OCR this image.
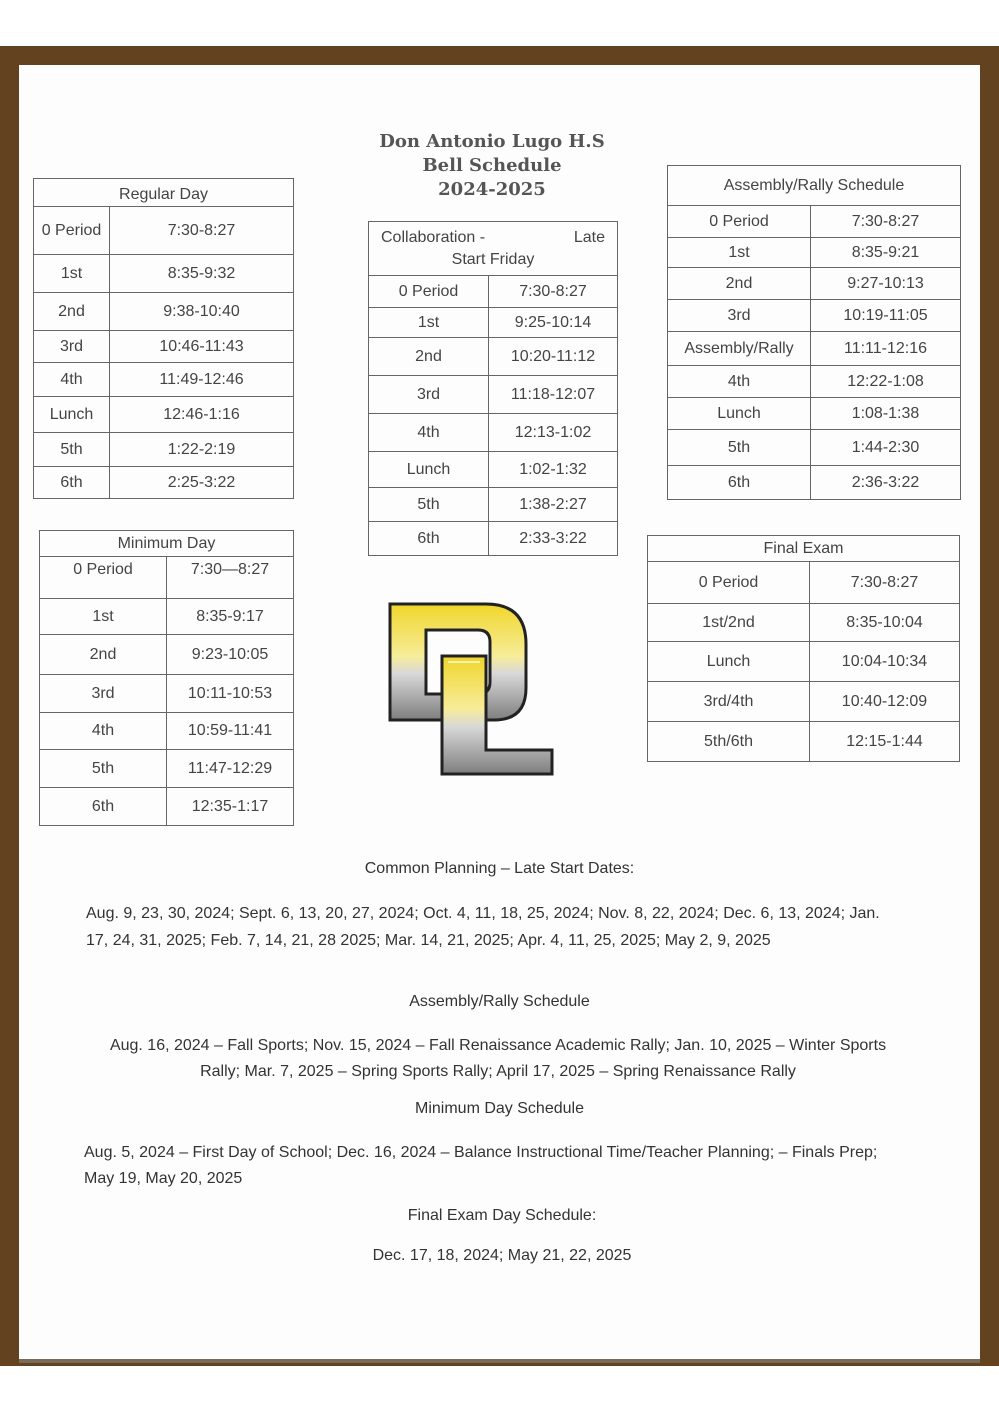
Don Antonio Lugo H.S
Bell Schedule
2024-2025
Regular Day	
0 Period	7:30-8:27
1st	8:35-9:32
2nd	9:38-10:40
3rd	10:46-11:43
4th	11:49-12:46
Lunch	12:46-1:16
5th	1:22-2:19
6th	2:25-3:22
Collaboration - Late
Start Friday	

0 Period	7:30-8:27
1st	9:25-10:14
2nd	10:20-11:12
3rd	11:18-12:07
4th	12:13-1:02
Lunch	1:02-1:32
5th	1:38-2:27
6th	2:33-3:22
Assembly/Rally Schedule	
0 Period	7:30-8:27
1st	8:35-9:21
2nd	9:27-10:13
3rd	10:19-11:05
Assembly/Rally	11:11-12:16
4th	12:22-1:08
Lunch	1:08-1:38
5th	1:44-2:30
6th	2:36-3:22
Minimum Day	
0 Period	7:30—8:27
1st	8:35-9:17
2nd	9:23-10:05
3rd	10:11-10:53
4th	10:59-11:41
5th	11:47-12:29
6th	12:35-1:17
Final Exam	
0 Period	7:30-8:27
1st/2nd	8:35-10:04
Lunch	10:04-10:34
3rd/4th	10:40-12:09
5th/6th	12:15-1:44
Common Planning – Late Start Dates:
Aug. 9, 23, 30, 2024; Sept. 6, 13, 20, 27, 2024; Oct. 4, 11, 18, 25, 2024; Nov. 8, 22, 2024; Dec. 6, 13, 2024; Jan. 17, 24, 31, 2025; Feb. 7, 14, 21, 28 2025; Mar. 14, 21, 2025; Apr. 4, 11, 25, 2025; May 2, 9, 2025
Assembly/Rally Schedule
Aug. 16, 2024 – Fall Sports; Nov. 15, 2024 – Fall Renaissance Academic Rally; Jan. 10, 2025 – Winter Sports Rally; Mar. 7, 2025 – Spring Sports Rally; April 17, 2025 – Spring Renaissance Rally
Minimum Day Schedule
Aug. 5, 2024 – First Day of School; Dec. 16, 2024 – Balance Instructional Time/Teacher Planning; – Finals Prep; May 19, May 20, 2025
Final Exam Day Schedule:
Dec. 17, 18, 2024; May 21, 22, 2025
